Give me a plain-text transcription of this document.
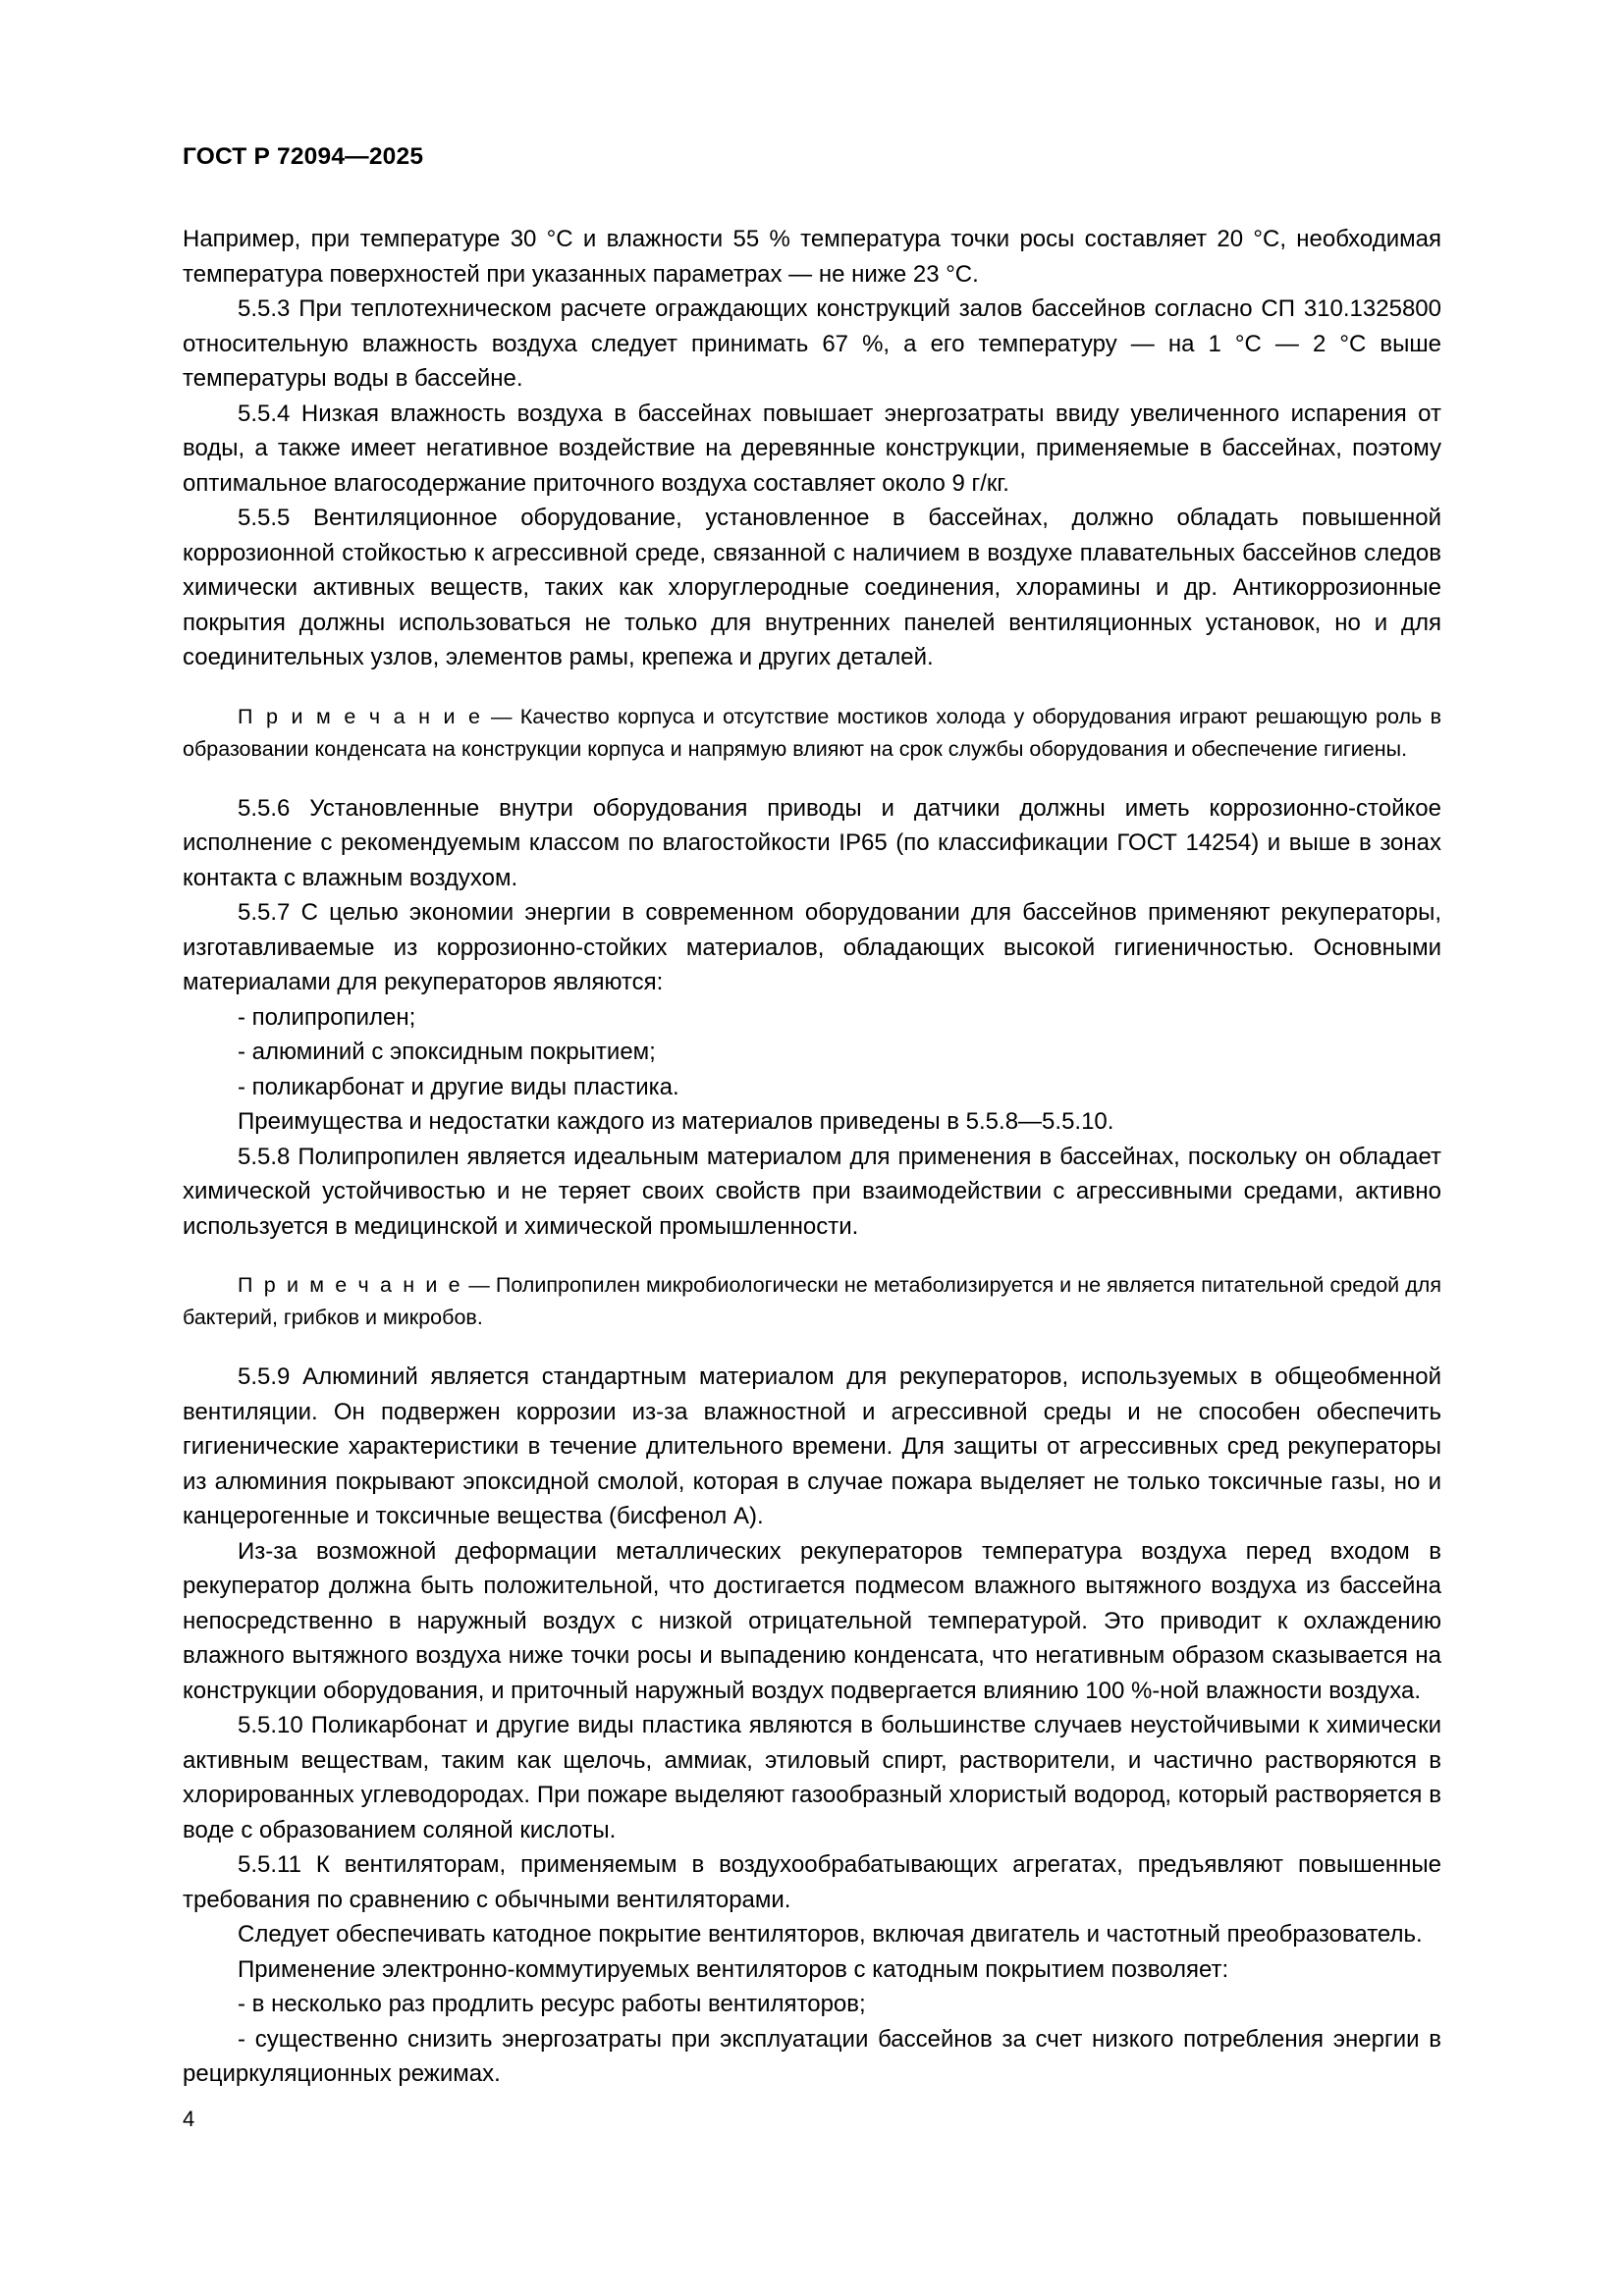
ГОСТ Р 72094—2025

Например, при температуре 30 °C и влажности 55 % температура точки росы составляет 20 °C, необходимая температура поверхностей при указанных параметрах — не ниже 23 °C.

5.5.3 При теплотехническом расчете ограждающих конструкций залов бассейнов согласно СП 310.1325800 относительную влажность воздуха следует принимать 67 %, а его температуру — на 1 °C — 2 °C выше температуры воды в бассейне.

5.5.4 Низкая влажность воздуха в бассейнах повышает энергозатраты ввиду увеличенного испарения от воды, а также имеет негативное воздействие на деревянные конструкции, применяемые в бассейнах, поэтому оптимальное влагосодержание приточного воздуха составляет около 9 г/кг.

5.5.5 Вентиляционное оборудование, установленное в бассейнах, должно обладать повышенной коррозионной стойкостью к агрессивной среде, связанной с наличием в воздухе плавательных бассейнов следов химически активных веществ, таких как хлоруглеродные соединения, хлорамины и др. Антикоррозионные покрытия должны использоваться не только для внутренних панелей вентиляционных установок, но и для соединительных узлов, элементов рамы, крепежа и других деталей.

П р и м е ч а н и е — Качество корпуса и отсутствие мостиков холода у оборудования играют решающую роль в образовании конденсата на конструкции корпуса и напрямую влияют на срок службы оборудования и обеспечение гигиены.

5.5.6 Установленные внутри оборудования приводы и датчики должны иметь коррозионно-стойкое исполнение с рекомендуемым классом по влагостойкости IP65 (по классификации ГОСТ 14254) и выше в зонах контакта с влажным воздухом.

5.5.7 С целью экономии энергии в современном оборудовании для бассейнов применяют рекуператоры, изготавливаемые из коррозионно-стойких материалов, обладающих высокой гигиеничностью. Основными материалами для рекуператоров являются:

- полипропилен;

- алюминий с эпоксидным покрытием;

- поликарбонат и другие виды пластика.

Преимущества и недостатки каждого из материалов приведены в 5.5.8—5.5.10.

5.5.8 Полипропилен является идеальным материалом для применения в бассейнах, поскольку он обладает химической устойчивостью и не теряет своих свойств при взаимодействии с агрессивными средами, активно используется в медицинской и химической промышленности.

П р и м е ч а н и е — Полипропилен микробиологически не метаболизируется и не является питательной средой для бактерий, грибков и микробов.

5.5.9 Алюминий является стандартным материалом для рекуператоров, используемых в общеобменной вентиляции. Он подвержен коррозии из-за влажностной и агрессивной среды и не способен обеспечить гигиенические характеристики в течение длительного времени. Для защиты от агрессивных сред рекуператоры из алюминия покрывают эпоксидной смолой, которая в случае пожара выделяет не только токсичные газы, но и канцерогенные и токсичные вещества (бисфенол А).

Из-за возможной деформации металлических рекуператоров температура воздуха перед входом в рекуператор должна быть положительной, что достигается подмесом влажного вытяжного воздуха из бассейна непосредственно в наружный воздух с низкой отрицательной температурой. Это приводит к охлаждению влажного вытяжного воздуха ниже точки росы и выпадению конденсата, что негативным образом сказывается на конструкции оборудования, и приточный наружный воздух подвергается влиянию 100 %-ной влажности воздуха.

5.5.10 Поликарбонат и другие виды пластика являются в большинстве случаев неустойчивыми к химически активным веществам, таким как щелочь, аммиак, этиловый спирт, растворители, и частично растворяются в хлорированных углеводородах. При пожаре выделяют газообразный хлористый водород, который растворяется в воде с образованием соляной кислоты.

5.5.11 К вентиляторам, применяемым в воздухообрабатывающих агрегатах, предъявляют повышенные требования по сравнению с обычными вентиляторами.

Следует обеспечивать катодное покрытие вентиляторов, включая двигатель и частотный преобразователь.

Применение электронно-коммутируемых вентиляторов с катодным покрытием позволяет:

- в несколько раз продлить ресурс работы вентиляторов;

- существенно снизить энергозатраты при эксплуатации бассейнов за счет низкого потребления энергии в рециркуляционных режимах.

4
